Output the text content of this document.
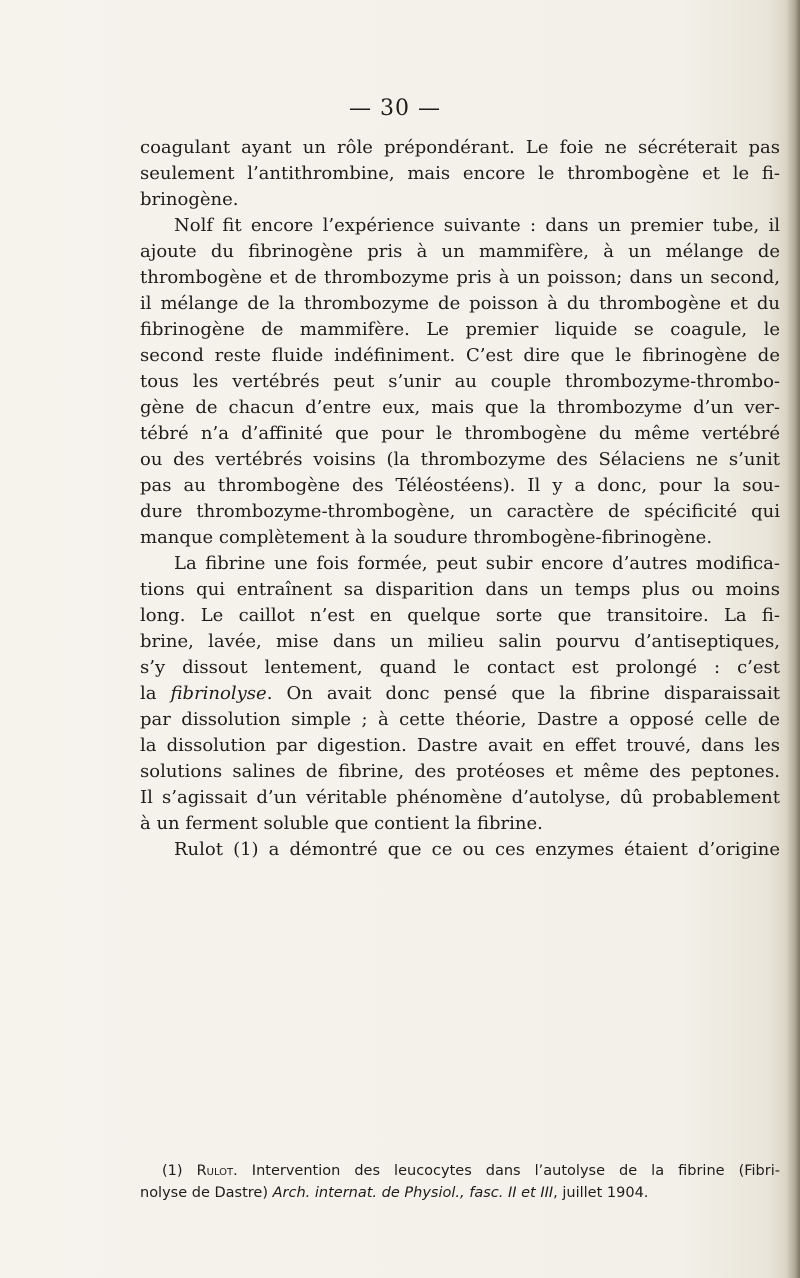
— 30 —
coagulant ayant un rôle prépondérant. Le foie ne sécréterait pas
seulement l’antithrombine, mais encore le thrombogène et le fi-
brinogène.
Nolf fit encore l’expérience suivante : dans un premier tube, il
ajoute du fibrinogène pris à un mammifère, à un mélange de
thrombogène et de thrombozyme pris à un poisson; dans un second,
il mélange de la thrombozyme de poisson à du thrombogène et du
fibrinogène de mammifère. Le premier liquide se coagule, le
second reste fluide indéfiniment. C’est dire que le fibrinogène de
tous les vertébrés peut s’unir au couple thrombozyme-thrombo-
gène de chacun d’entre eux, mais que la thrombozyme d’un ver-
tébré n’a d’affinité que pour le thrombogène du même vertébré
ou des vertébrés voisins (la thrombozyme des Sélaciens ne s’unit
pas au thrombogène des Téléostéens). Il y a donc, pour la sou-
dure thrombozyme-thrombogène, un caractère de spécificité qui
manque complètement à la soudure thrombogène-fibrinogène.
La fibrine une fois formée, peut subir encore d’autres modifica-
tions qui entraînent sa disparition dans un temps plus ou moins
long. Le caillot n’est en quelque sorte que transitoire. La fi-
brine, lavée, mise dans un milieu salin pourvu d’antiseptiques,
s’y dissout lentement, quand le contact est prolongé : c’est
la fibrinolyse. On avait donc pensé que la fibrine disparaissait
par dissolution simple ; à cette théorie, Dastre a opposé celle de
la dissolution par digestion. Dastre avait en effet trouvé, dans les
solutions salines de fibrine, des protéoses et même des peptones.
Il s’agissait d’un véritable phénomène d’autolyse, dû probablement
à un ferment soluble que contient la fibrine.
Rulot (1) a démontré que ce ou ces enzymes étaient d’origine
(1) Rulot. Intervention des leucocytes dans l’autolyse de la fibrine (Fibri-
nolyse de Dastre) Arch. internat. de Physiol., fasc. II et III, juillet 1904.
